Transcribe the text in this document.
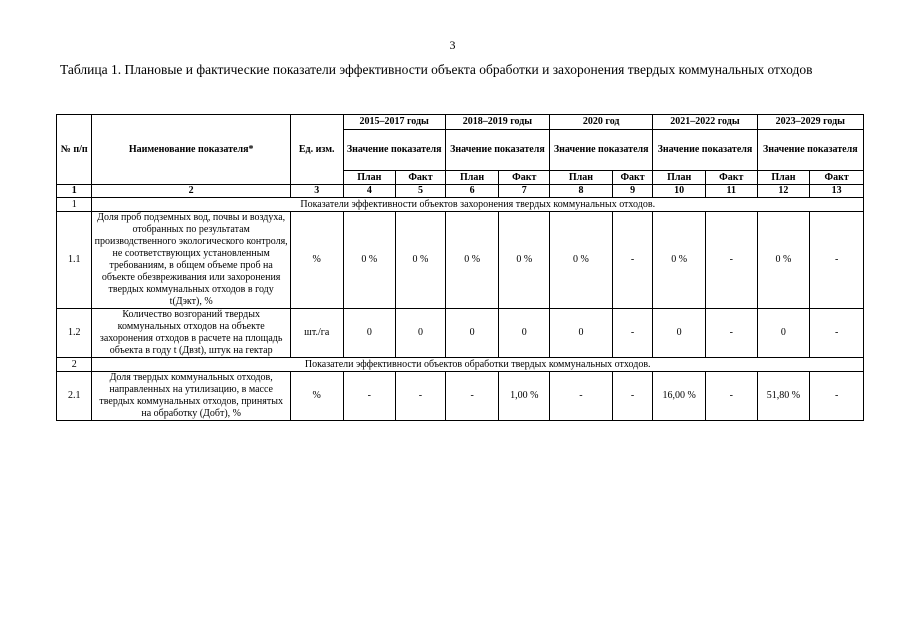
3
Таблица 1. Плановые и фактические показатели эффективности объекта обработки и захоронения твердых коммунальных отходов
№ п/п	Наименование показателя*	Ед. изм.	2015–2017 годы		2018–2019 годы		2020 год		2021–2022 годы		2023–2029 годы	
			Значение показателя		Значение показателя		Значение показателя		Значение показателя		Значение показателя	
			План	Факт	План	Факт	План	Факт	План	Факт	План	Факт
1	2	3	4	5	6	7	8	9	10	11	12	13
1	Показатели эффективности объектов захоронения твердых коммунальных отходов.											
1.1	Доля проб подземных вод, почвы и воздуха, отобранных по результатам производственного экологического контроля, не соответствующих установленным требованиям, в общем объеме проб на объекте обезвреживания или захоронения твердых коммунальных отходов в году t(Дэкт), %	%	0 %	0 %	0 %	0 %	0 %	-	0 %	-	0 %	-
1.2	Количество возгораний твердых коммунальных отходов на объекте захоронения отходов в расчете на площадь объекта в году t (Двзt), штук на гектар	шт./га	0	0	0	0	0	-	0	-	0	-
2	Показатели эффективности объектов обработки твердых коммунальных отходов.											
2.1	Доля твердых коммунальных отходов, направленных на утилизацию, в массе твердых коммунальных отходов, принятых на обработку (Добт), %	%	-	-	-	1,00 %	-	-	16,00 %	-	51,80 %	-
